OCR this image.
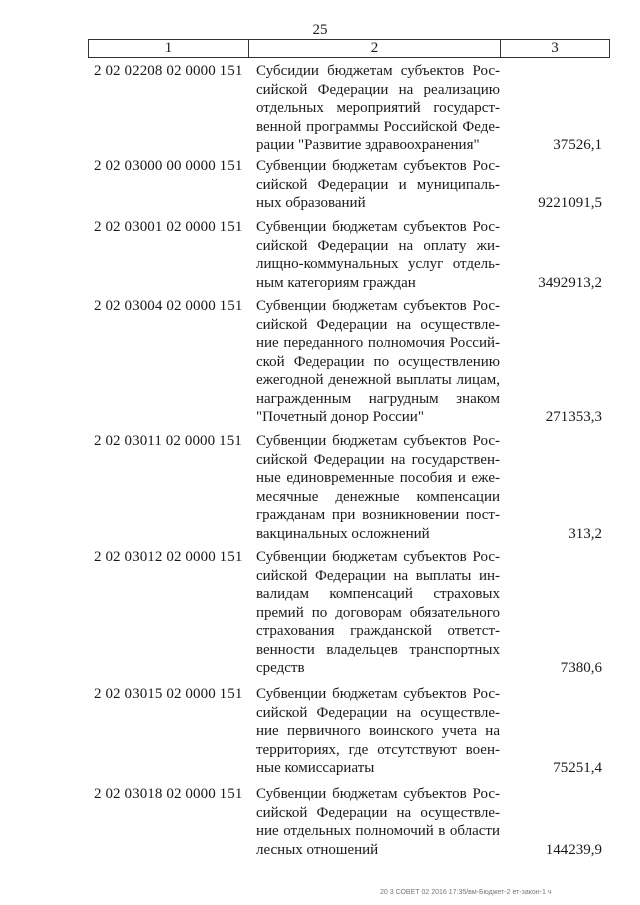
25
1	2	3
2 02 02208 02 0000 151 Субсидии бюджетам субъектов Рос-
сийской Федерации на реализацию
отдельных мероприятий государст-
венной программы Российской Феде-
рации "Развитие здравоохранения"	37526,1
2 02 03000 00 0000 151 Субвенции бюджетам субъектов Рос-
сийской Федерации и муниципаль-
ных образований	9221091,5
2 02 03001 02 0000 151 Субвенции бюджетам субъектов Рос-
сийской Федерации на оплату жи-
лищно-коммунальных услуг отдель-
ным категориям граждан	3492913,2
2 02 03004 02 0000 151 Субвенции бюджетам субъектов Рос-
сийской Федерации на осуществле-
ние переданного полномочия Россий-
ской Федерации по осуществлению
ежегодной денежной выплаты лицам,
награжденным нагрудным знаком
"Почетный донор России"	271353,3
2 02 03011 02 0000 151 Субвенции бюджетам субъектов Рос-
сийской Федерации на государствен-
ные единовременные пособия и еже-
месячные денежные компенсации
гражданам при возникновении пост-
вакцинальных осложнений	313,2
2 02 03012 02 0000 151 Субвенции бюджетам субъектов Рос-
сийской Федерации на выплаты ин-
валидам компенсаций страховых
премий по договорам обязательного
страхования гражданской ответст-
венности владельцев транспортных
средств	7380,6
2 02 03015 02 0000 151 Субвенции бюджетам субъектов Рос-
сийской Федерации на осуществле-
ние первичного воинского учета на
территориях, где отсутствуют воен-
ные комиссариаты	75251,4
2 02 03018 02 0000 151 Субвенции бюджетам субъектов Рос-
сийской Федерации на осуществле-
ние отдельных полномочий в области
лесных отношений	144239,9
20 3 СОВЕТ 02 2016 17:35/вм-Бюджет-2 ет-закон-1 ч
